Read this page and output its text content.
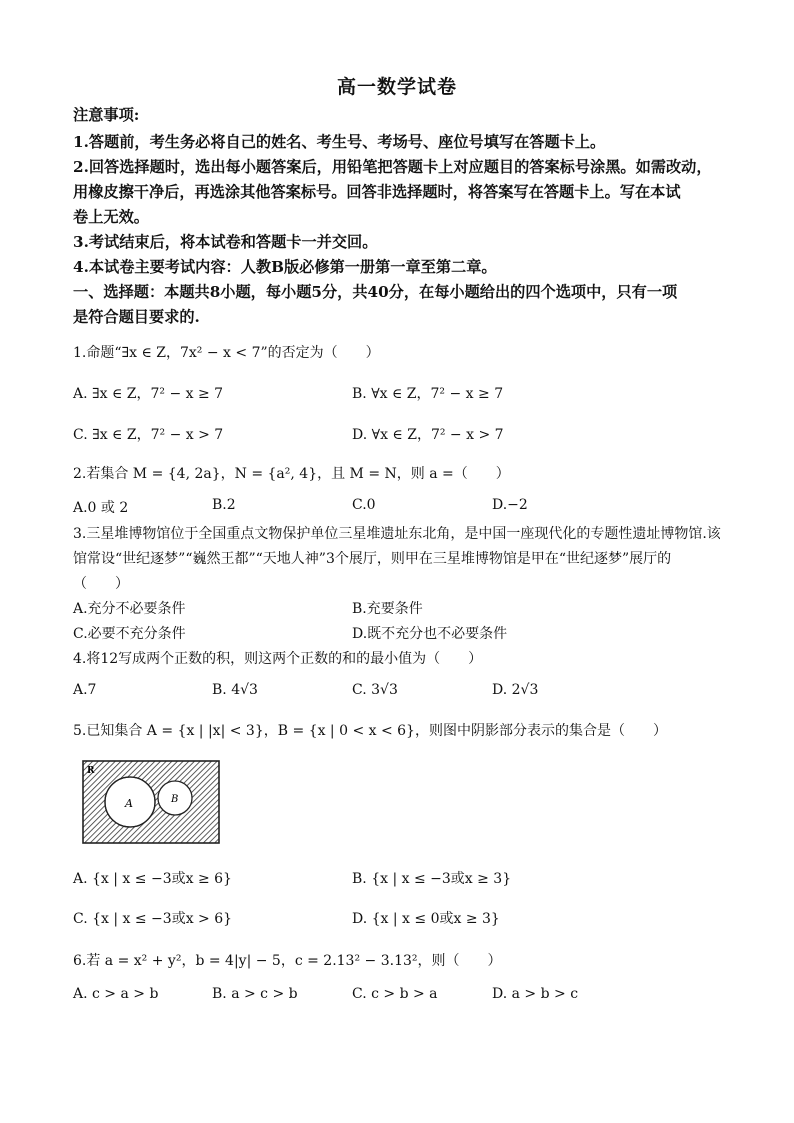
高一数学试卷
注意事项:
1.答题前，考生务必将自己的姓名、考生号、考场号、座位号填写在答题卡上。
2.回答选择题时，选出每小题答案后，用铅笔把答题卡上对应题目的答案标号涂黑。如需改动，
用橡皮擦干净后，再选涂其他答案标号。回答非选择题时，将答案写在答题卡上。写在本试
卷上无效。
3.考试结束后，将本试卷和答题卡一并交回。
4.本试卷主要考试内容：人教B版必修第一册第一章至第二章。
一、选择题：本题共8小题，每小题5分，共40分，在每小题给出的四个选项中，只有一项
是符合题目要求的.
1.命题“∃x ∈ Z，7x² − x < 7”的否定为（　　）
A. ∃x ∈ Z，7² − x ≥ 7	B. ∀x ∈ Z，7² − x ≥ 7
C. ∃x ∈ Z，7² − x > 7	D. ∀x ∈ Z，7² − x > 7
2.若集合 M = {4, 2a}，N = {a², 4}，且 M = N，则 a =（　　）
A.0 或 2	B.2	C.0	D.−2
3.三星堆博物馆位于全国重点文物保护单位三星堆遗址东北角，是中国一座现代化的专题性遗址博物馆.该
馆常设“世纪逐梦”“巍然王都”“天地人神”3个展厅，则甲在三星堆博物馆是甲在“世纪逐梦”展厅的
（　　）
A.充分不必要条件	B.充要条件
C.必要不充分条件	D.既不充分也不必要条件
4.将12写成两个正数的积，则这两个正数的和的最小值为（　　）
A.7	B. 4√3	C. 3√3	D. 2√3
5.已知集合 A = {x | |x| < 3}，B = {x | 0 < x < 6}，则图中阴影部分表示的集合是（　　）
R
A	B
A. {x | x ≤ −3或x ≥ 6}	B. {x | x ≤ −3或x ≥ 3}
C. {x | x ≤ −3或x > 6}	D. {x | x ≤ 0或x ≥ 3}
6.若 a = x² + y²，b = 4|y| − 5，c = 2.13² − 3.13²，则（　　）
A. c > a > b	B. a > c > b	C. c > b > a	D. a > b > c
